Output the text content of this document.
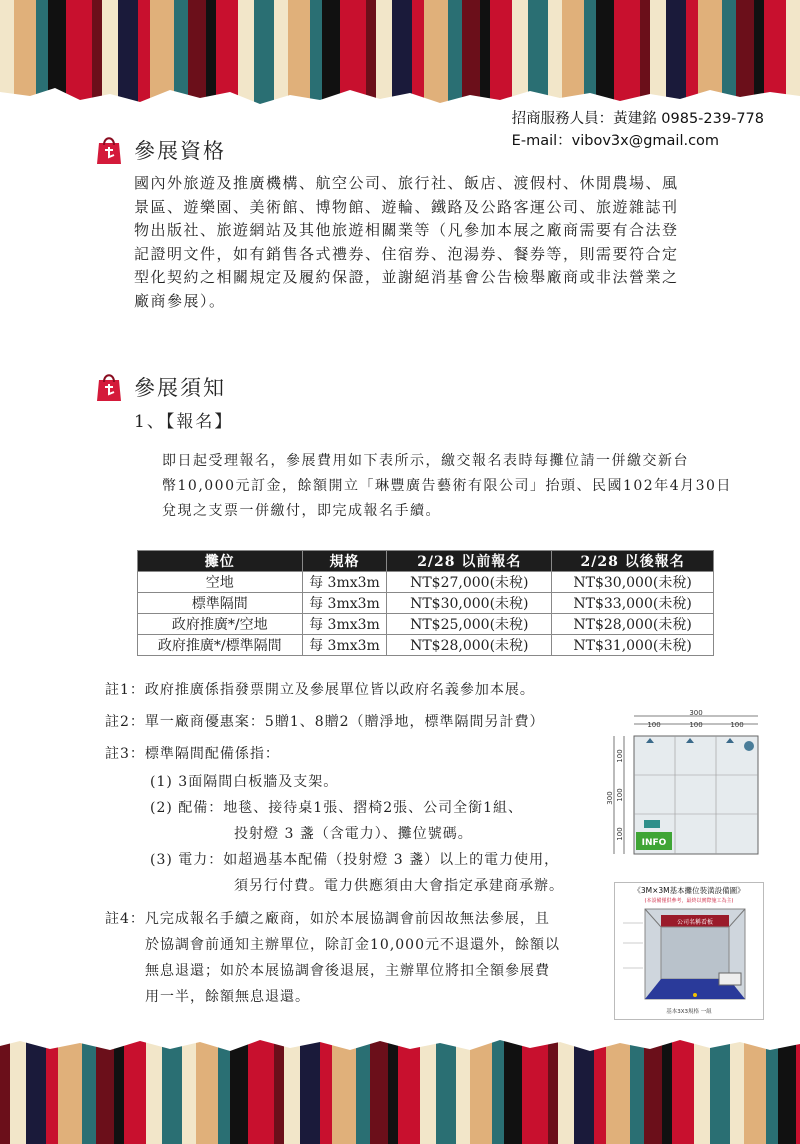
招商服務人員：黃建銘 0985-239-778
E-mail：vibov3x@gmail.com
參展資格
國內外旅遊及推廣機構、航空公司、旅行社、飯店、渡假村、休閒農場、風
景區、遊樂園、美術館、博物館、遊輪、鐵路及公路客運公司、旅遊雜誌刊
物出版社、旅遊網站及其他旅遊相關業等（凡參加本展之廠商需要有合法登
記證明文件，如有銷售各式禮券、住宿券、泡湯券、餐券等，則需要符合定
型化契約之相關規定及履約保證，並謝絕消基會公告檢舉廠商或非法營業之
廠商參展）。
參展須知
1、【報名】
即日起受理報名，參展費用如下表所示，繳交報名表時每攤位請一併繳交新台
幣10,000元訂金，餘額開立「琳豐廣告藝術有限公司」抬頭、民國102年4月30日
兌現之支票一併繳付，即完成報名手續。
攤位	規格	2/28 以前報名	2/28 以後報名
空地	每 3mx3m	NT$27,000(未稅)	NT$30,000(未稅)
標準隔間	每 3mx3m	NT$30,000(未稅)	NT$33,000(未稅)
政府推廣*/空地	每 3mx3m	NT$25,000(未稅)	NT$28,000(未稅)
政府推廣*/標準隔間	每 3mx3m	NT$28,000(未稅)	NT$31,000(未稅)
註1：政府推廣係指發票開立及參展單位皆以政府名義參加本展。
註2：單一廠商優惠案：5贈1、8贈2（贈淨地，標準隔間另計費）
註3：標準隔間配備係指：
(1) 3面隔間白板牆及支架。
(2) 配備：地毯、接待桌1張、摺椅2張、公司全銜1組、
投射燈 3 盞（含電力）、攤位號碼。
(3) 電力：如超過基本配備（投射燈 3 盞）以上的電力使用，
須另行付費。電力供應須由大會指定承建商承辦。
註4：凡完成報名手續之廠商，如於本展協調會前因故無法參展，且
於協調會前通知主辦單位，除訂金10,000元不退還外，餘額以
無息退還；如於本展協調會後退展，主辦單位將扣全額參展費
用一半，餘額無息退還。
300
100	100	100
300
100
100
100
INFO
《3M×3M基本攤位裝潢設備圖》
(本設備僅供參考，最終以實際施工為主)
公司名稱看板
基本3X3規格 一組
